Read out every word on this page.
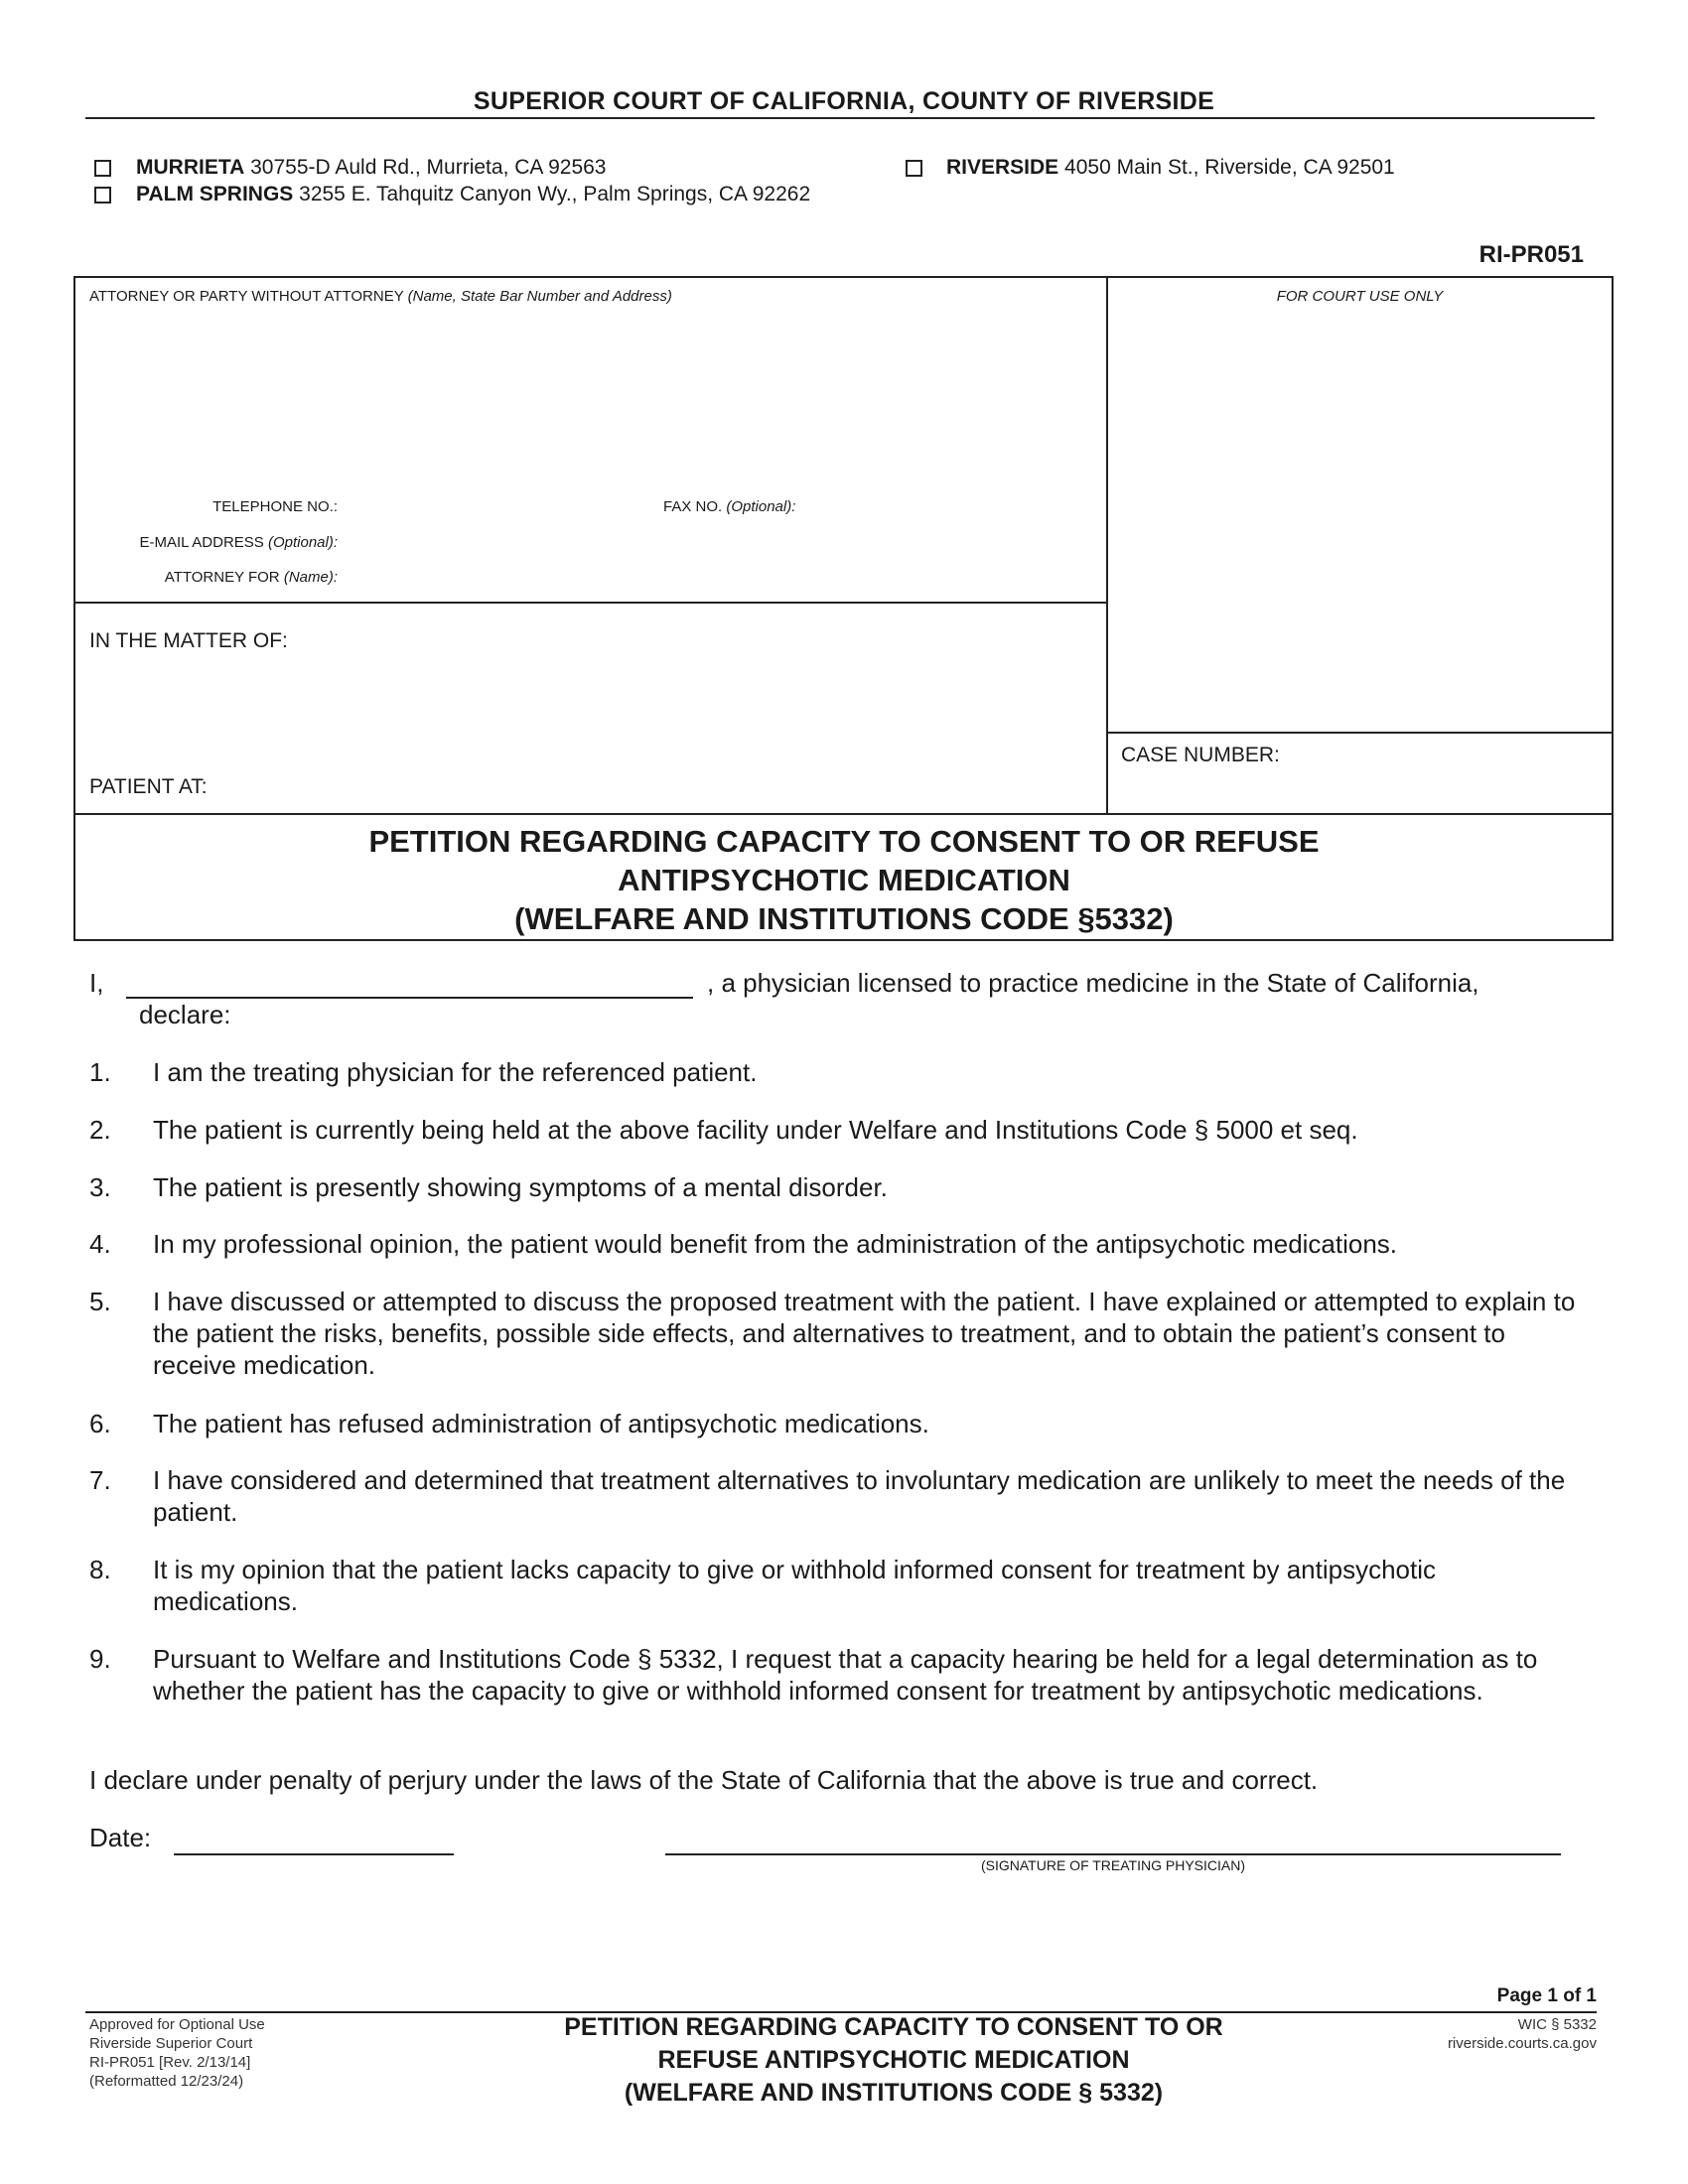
SUPERIOR COURT OF CALIFORNIA, COUNTY OF RIVERSIDE
MURRIETA 30755-D Auld Rd., Murrieta, CA 92563
PALM SPRINGS 3255 E. Tahquitz Canyon Wy., Palm Springs, CA 92262
RIVERSIDE 4050 Main St., Riverside, CA 92501
RI-PR051
ATTORNEY OR PARTY WITHOUT ATTORNEY (Name, State Bar Number and Address)	FOR COURT USE ONLY
TELEPHONE NO.:	FAX NO. (Optional):
E-MAIL ADDRESS (Optional):
ATTORNEY FOR (Name):
IN THE MATTER OF:
PATIENT AT:
CASE NUMBER:
PETITION REGARDING CAPACITY TO CONSENT TO OR REFUSE
ANTIPSYCHOTIC MEDICATION
(WELFARE AND INSTITUTIONS CODE §5332)
I,	, a physician licensed to practice medicine in the State of California,
declare:
1.	I am the treating physician for the referenced patient.
2.	The patient is currently being held at the above facility under Welfare and Institutions Code § 5000 et seq.
3.	The patient is presently showing symptoms of a mental disorder.
4.	In my professional opinion, the patient would benefit from the administration of the antipsychotic medications.
5.	I have discussed or attempted to discuss the proposed treatment with the patient. I have explained or attempted to explain to the patient the risks, benefits, possible side effects, and alternatives to treatment, and to obtain the patient’s consent to receive medication.
6.	The patient has refused administration of antipsychotic medications.
7.	I have considered and determined that treatment alternatives to involuntary medication are unlikely to meet the needs of the patient.
8.	It is my opinion that the patient lacks capacity to give or withhold informed consent for treatment by antipsychotic medications.
9.	Pursuant to Welfare and Institutions Code § 5332, I request that a capacity hearing be held for a legal determination as to whether the patient has the capacity to give or withhold informed consent for treatment by antipsychotic medications.
I declare under penalty of perjury under the laws of the State of California that the above is true and correct.
Date:
(SIGNATURE OF TREATING PHYSICIAN)
Page 1 of 1
Approved for Optional Use
Riverside Superior Court
RI-PR051 [Rev. 2/13/14]
(Reformatted 12/23/24)
PETITION REGARDING CAPACITY TO CONSENT TO OR
REFUSE ANTIPSYCHOTIC MEDICATION
(WELFARE AND INSTITUTIONS CODE § 5332)
WIC § 5332
riverside.courts.ca.gov
